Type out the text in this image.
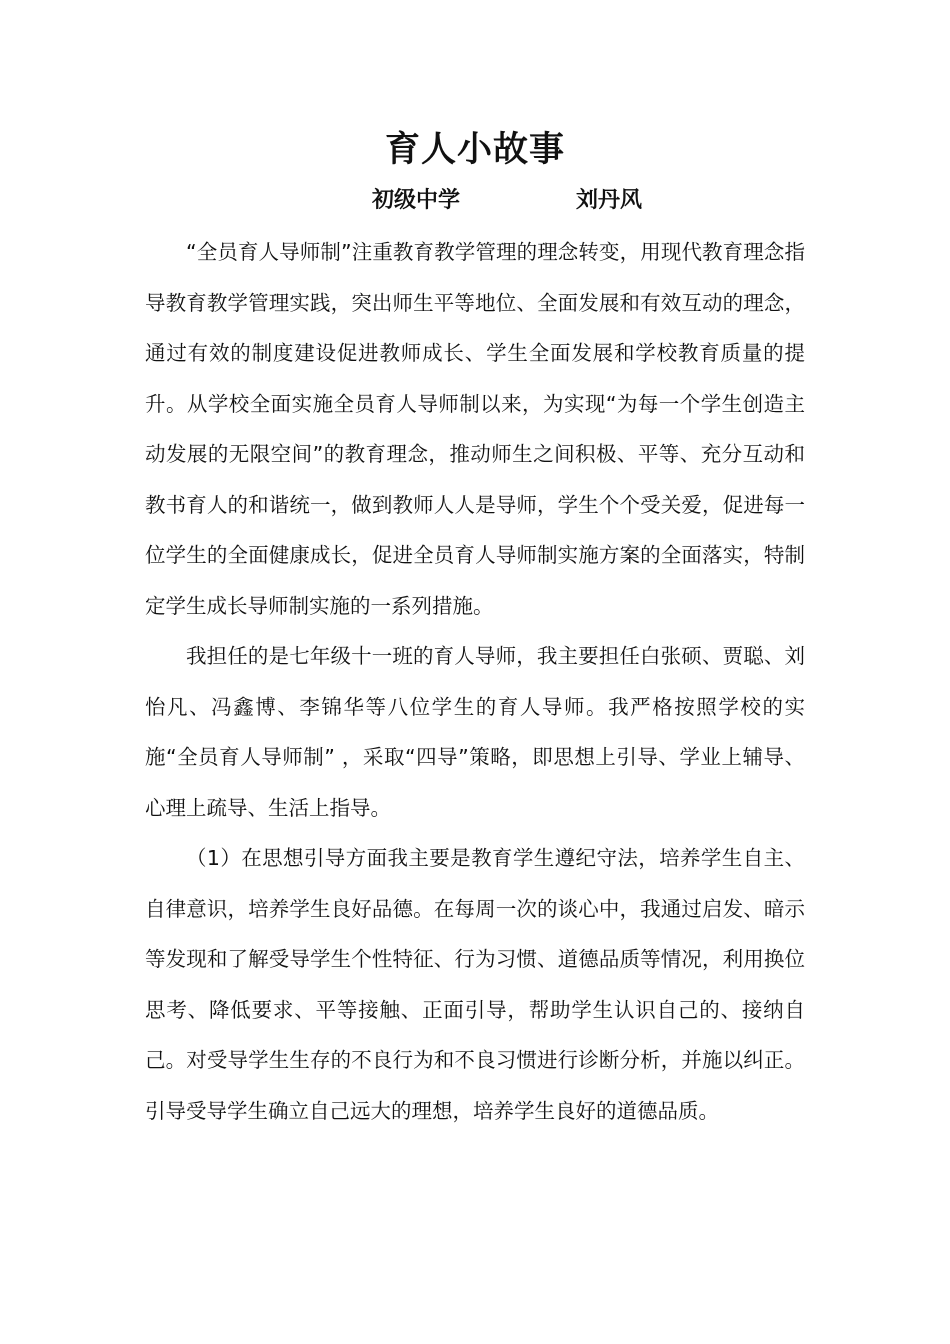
育人小故事
初级中学	刘丹风

“全员育人导师制”注重教育教学管理的理念转变，用现代教育理念指导教育教学管理实践，突出师生平等地位、全面发展和有效互动的理念，通过有效的制度建设促进教师成长、学生全面发展和学校教育质量的提升。从学校全面实施全员育人导师制以来，为实现“为每一个学生创造主动发展的无限空间”的教育理念，推动师生之间积极、平等、充分互动和教书育人的和谐统一，做到教师人人是导师，学生个个受关爱，促进每一位学生的全面健康成长，促进全员育人导师制实施方案的全面落实，特制定学生成长导师制实施的一系列措施。

我担任的是七年级十一班的育人导师，我主要担任白张硕、贾聪、刘怡凡、冯鑫博、李锦华等八位学生的育人导师。我严格按照学校的实施“全员育人导师制” ，采取“四导”策略，即思想上引导、学业上辅导、心理上疏导、生活上指导。

（1）在思想引导方面我主要是教育学生遵纪守法，培养学生自主、自律意识，培养学生良好品德。在每周一次的谈心中，我通过启发、暗示等发现和了解受导学生个性特征、行为习惯、道德品质等情况，利用换位思考、降低要求、平等接触、正面引导，帮助学生认识自己的、接纳自己。对受导学生生存的不良行为和不良习惯进行诊断分析，并施以纠正。引导受导学生确立自己远大的理想，培养学生良好的道德品质。
